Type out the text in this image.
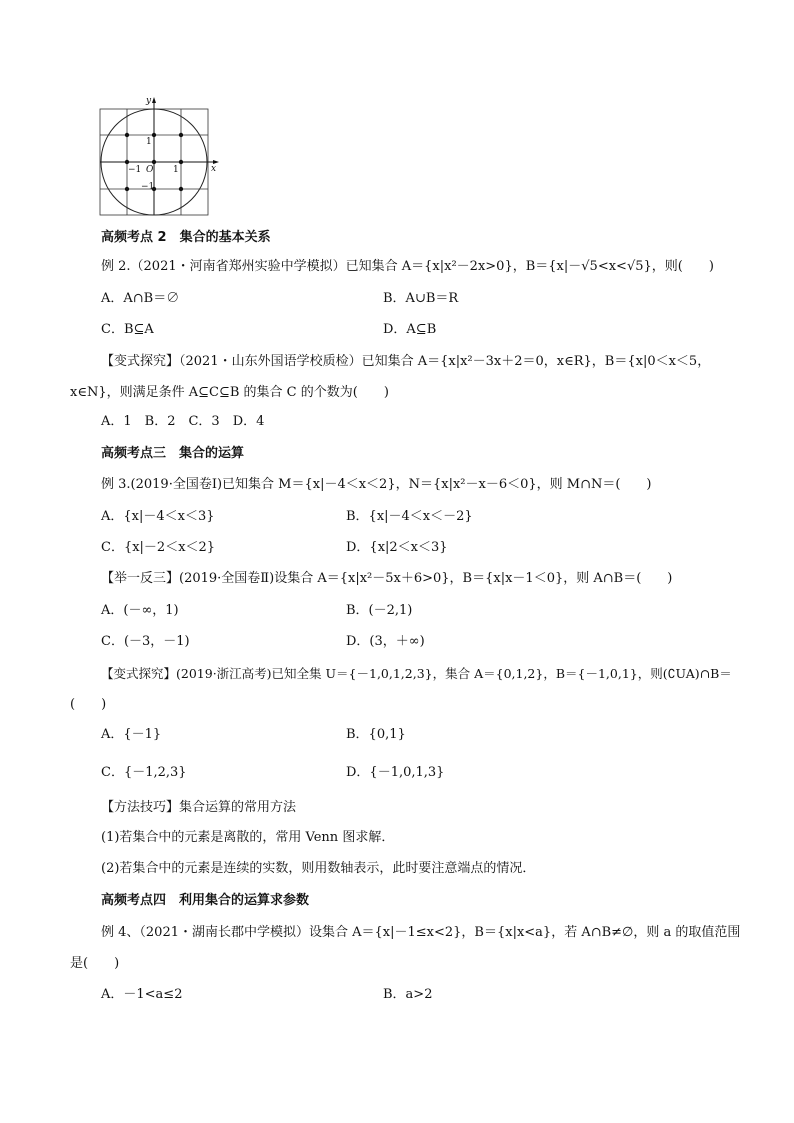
y
x
O 1
−1
1
−1
高频考点 2　集合的基本关系
例 2.（2021・河南省郑州实验中学模拟）已知集合 A＝{x|x²－2x>0}，B＝{x|－√5<x<√5}，则(　　)
A．A∩B＝∅	B．A∪B＝R
C．B⊆A	D．A⊆B
【变式探究】（2021・山东外国语学校质检）已知集合 A＝{x|x²－3x＋2＝0，x∈R}，B＝{x|0＜x＜5，
x∈N}，则满足条件 A⊆C⊆B 的集合 C 的个数为(　　)
A．1　B．2　C．3　D．4
高频考点三　集合的运算
例 3.(2019·全国卷Ⅰ)已知集合 M＝{x|－4＜x＜2}，N＝{x|x²－x－6＜0}，则 M∩N＝(　　)
A．{x|－4＜x＜3}	B．{x|－4＜x＜－2}
C．{x|－2＜x＜2}	D．{x|2＜x＜3}
【举一反三】(2019·全国卷Ⅱ)设集合 A＝{x|x²－5x＋6>0}，B＝{x|x－1＜0}，则 A∩B＝(　　)
A．(－∞，1)	B．(－2,1)
C．(－3，－1)	D．(3，＋∞)
【变式探究】(2019·浙江高考)已知全集 U＝{－1,0,1,2,3}，集合 A＝{0,1,2}，B＝{－1,0,1}，则(∁UA)∩B＝
(　　)
A．{－1}	B．{0,1}
C．{－1,2,3}	D．{－1,0,1,3}
【方法技巧】集合运算的常用方法
(1)若集合中的元素是离散的，常用 Venn 图求解．
(2)若集合中的元素是连续的实数，则用数轴表示，此时要注意端点的情况．
高频考点四　利用集合的运算求参数
例 4、（2021・湖南长郡中学模拟）设集合 A＝{x|－1≤x<2}，B＝{x|x<a}，若 A∩B≠∅，则 a 的取值范围
是(　　)
A．－1<a≤2	B．a>2
